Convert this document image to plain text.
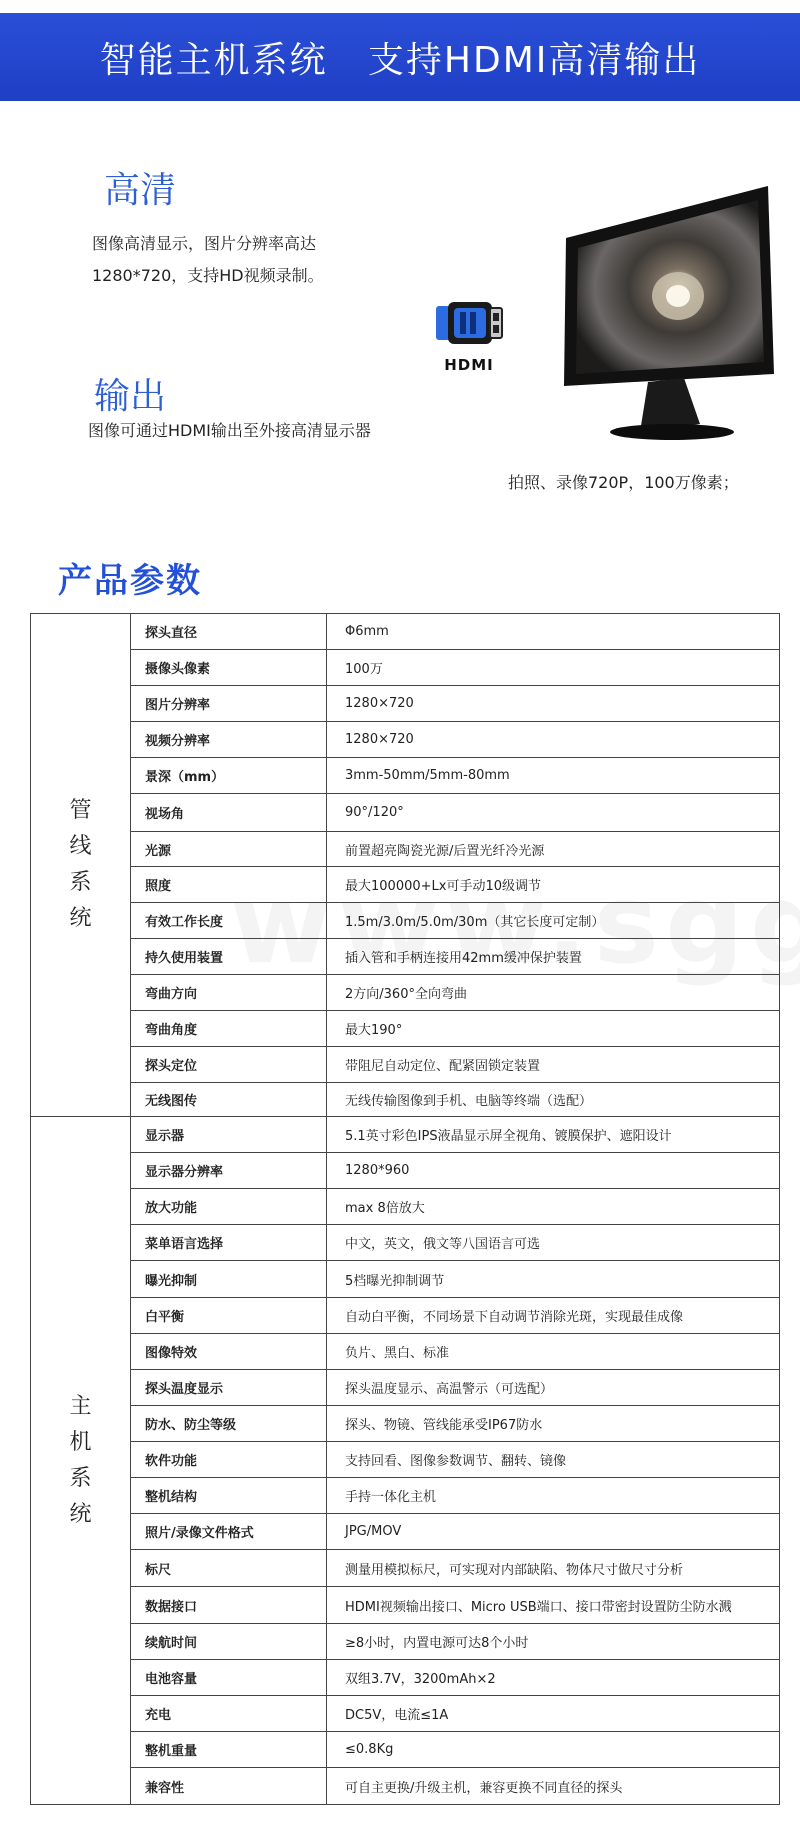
智能主机系统   支持HDMI高清输出
高清
图像高清显示，图片分辨率高达1280*720，支持HD视频录制。
输出
图像可通过HDMI输出至外接高清显示器
HDMI
拍照、录像720P，100万像素；
产品参数
管线系统	探头直径	Φ6mm
	摄像头像素	100万
	图片分辨率	1280×720
	视频分辨率	1280×720
	景深（mm）	3mm-50mm/5mm-80mm
	视场角	90°/120°
	光源	前置超亮陶瓷光源/后置光纤冷光源
	照度	最大100000+Lx可手动10级调节
	有效工作长度	1.5m/3.0m/5.0m/30m（其它长度可定制）
	持久使用装置	插入管和手柄连接用42mm缓冲保护装置
	弯曲方向	2方向/360°全向弯曲
	弯曲角度	最大190°
	探头定位	带阻尼自动定位、配紧固锁定装置
	无线图传	无线传输图像到手机、电脑等终端（选配）
主机系统	显示器	5.1英寸彩色IPS液晶显示屏全视角、镀膜保护、遮阳设计
	显示器分辨率	1280*960
	放大功能	max 8倍放大
	菜单语言选择	中文，英文，俄文等八国语言可选
	曝光抑制	5档曝光抑制调节
	白平衡	自动白平衡，不同场景下自动调节消除光斑，实现最佳成像
	图像特效	负片、黑白、标准
	探头温度显示	探头温度显示、高温警示（可选配）
	防水、防尘等级	探头、物镜、管线能承受IP67防水
	软件功能	支持回看、图像参数调节、翻转、镜像
	整机结构	手持一体化主机
	照片/录像文件格式	JPG/MOV
	标尺	测量用模拟标尺，可实现对内部缺陷、物体尺寸做尺寸分析
	数据接口	HDMI视频输出接口、Micro USB端口、接口带密封设置防尘防水溅
	续航时间	≥8小时，内置电源可达8个小时
	电池容量	双组3.7V，3200mAh×2
	充电	DC5V，电流≤1A
	整机重量	≤0.8Kg
	兼容性	可自主更换/升级主机，兼容更换不同直径的探头
